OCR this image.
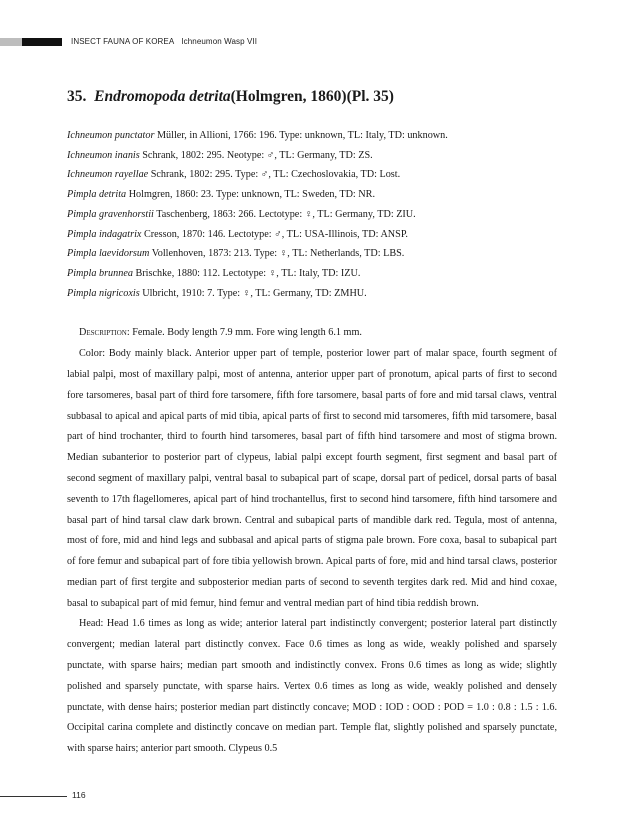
INSECT FAUNA OF KOREA Ichneumon Wasp VII
35. Endromopoda detrita(Holmgren, 1860)(Pl. 35)
Ichneumon punctator Müller, in Allioni, 1766: 196. Type: unknown, TL: Italy, TD: unknown.
Ichneumon inanis Schrank, 1802: 295. Neotype: ♂, TL: Germany, TD: ZS.
Ichneumon rayellae Schrank, 1802: 295. Type: ♂, TL: Czechoslovakia, TD: Lost.
Pimpla detrita Holmgren, 1860: 23. Type: unknown, TL: Sweden, TD: NR.
Pimpla gravenhorstii Taschenberg, 1863: 266. Lectotype: ♀, TL: Germany, TD: ZIU.
Pimpla indagatrix Cresson, 1870: 146. Lectotype: ♂, TL: USA-Illinois, TD: ANSP.
Pimpla laevidorsum Vollenhoven, 1873: 213. Type: ♀, TL: Netherlands, TD: LBS.
Pimpla brunnea Brischke, 1880: 112. Lectotype: ♀, TL: Italy, TD: IZU.
Pimpla nigricoxis Ulbricht, 1910: 7. Type: ♀, TL: Germany, TD: ZMHU.

Description: Female. Body length 7.9 mm. Fore wing length 6.1 mm.

Color: Body mainly black. Anterior upper part of temple, posterior lower part of malar space, fourth segment of labial palpi, most of maxillary palpi, most of antenna, anterior upper part of pronotum, apical parts of first to second fore tarsomeres, basal part of third fore tarsomere, fifth fore tarsomere, basal parts of fore and mid tarsal claws, ventral subbasal to apical and apical parts of mid tibia, apical parts of first to second mid tarsomeres, fifth mid tarsomere, basal part of hind trochanter, third to fourth hind tarsomeres, basal part of fifth hind tarsomere and most of stigma brown. Median subanterior to posterior part of clypeus, labial palpi except fourth segment, first segment and basal part of second segment of maxillary palpi, ventral basal to subapical part of scape, dorsal part of pedicel, dorsal parts of basal seventh to 17th flagellomeres, apical part of hind trochantellus, first to second hind tarsomere, fifth hind tarsomere and basal part of hind tarsal claw dark brown. Central and subapical parts of mandible dark red. Tegula, most of antenna, most of fore, mid and hind legs and subbasal and apical parts of stigma pale brown. Fore coxa, basal to subapical part of fore femur and subapical part of fore tibia yellowish brown. Apical parts of fore, mid and hind tarsal claws, posterior median part of first tergite and subposterior median parts of second to seventh tergites dark red. Mid and hind coxae, basal to subapical part of mid femur, hind femur and ventral median part of hind tibia reddish brown.

Head: Head 1.6 times as long as wide; anterior lateral part indistinctly convergent; posterior lateral part distinctly convergent; median lateral part distinctly convex. Face 0.6 times as long as wide, weakly polished and sparsely punctate, with sparse hairs; median part smooth and indistinctly convex. Frons 0.6 times as long as wide; slightly polished and sparsely punctate, with sparse hairs. Vertex 0.6 times as long as wide, weakly polished and densely punctate, with dense hairs; posterior median part distinctly concave; MOD : IOD : OOD : POD = 1.0 : 0.8 : 1.5 : 1.6. Occipital carina complete and distinctly concave on median part. Temple flat, slightly polished and sparsely punctate, with sparse hairs; anterior part smooth. Clypeus 0.5

116
